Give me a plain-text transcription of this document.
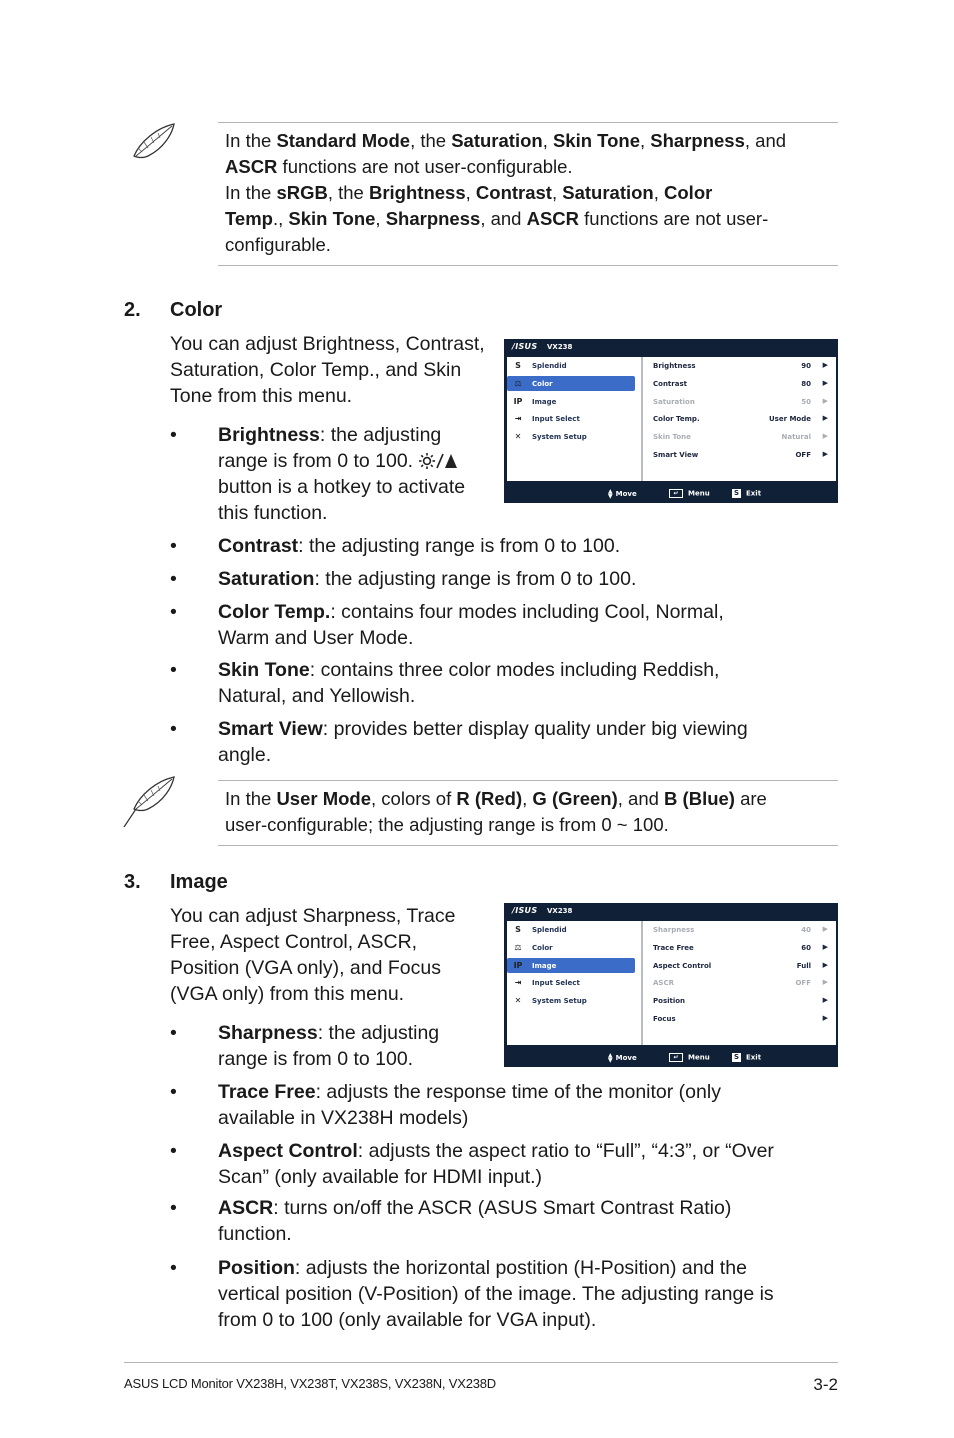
In the Standard Mode, the Saturation, Skin Tone, Sharpness, and
ASCR functions are not user-configurable.
In the sRGB, the Brightness, Contrast, Saturation, Color
Temp., Skin Tone, Sharpness, and ASCR functions are not user-
configurable.
2. Color
You can adjust Brightness, Contrast,
Saturation, Color Temp., and Skin
Tone from this menu.
• Brightness: the adjusting
range is from 0 to 100.
button is a hotkey to activate
this function.
• Contrast: the adjusting range is from 0 to 100.
• Saturation: the adjusting range is from 0 to 100.
• Color Temp.: contains four modes including Cool, Normal,
Warm and User Mode.
• Skin Tone: contains three color modes including Reddish,
Natural, and Yellowish.
• Smart View: provides better display quality under big viewing
angle.
/ISUS VX238
S	Splendid
⚖ Color
IP Image
⇥ Input Select
✕ System Setup
Brightness	90 ▶
Contrast	80 ▶
Saturation	50 ▶
Color Temp.	User Mode ▶
Skin Tone	Natural ▶
Smart View	OFF ▶
▲
▼ Move	↵ Menu	S Exit
In the User Mode, colors of R (Red), G (Green), and B (Blue) are
user-configurable; the adjusting range is from 0 ~ 100.
3. Image
You can adjust Sharpness, Trace
Free, Aspect Control, ASCR,
Position (VGA only), and Focus
(VGA only) from this menu.
• Sharpness: the adjusting
range is from 0 to 100.
• Trace Free: adjusts the response time of the monitor (only
available in VX238H models)
• Aspect Control: adjusts the aspect ratio to “Full”, “4:3”, or “Over
Scan” (only available for HDMI input.)
• ASCR: turns on/off the ASCR (ASUS Smart Contrast Ratio)
function.
• Position: adjusts the horizontal postition (H-Position) and the
vertical position (V-Position) of the image. The adjusting range is
from 0 to 100 (only available for VGA input).
/ISUS VX238
S	Splendid
⚖ Color
IP Image
⇥ Input Select
✕ System Setup
Sharpness	40 ▶
Trace Free	60 ▶
Aspect Control	Full ▶
ASCR	OFF ▶
Position	▶
Focus	▶
▲
▼ Move	↵ Menu	S Exit
ASUS LCD Monitor VX238H, VX238T, VX238S, VX238N, VX238D	3-2
